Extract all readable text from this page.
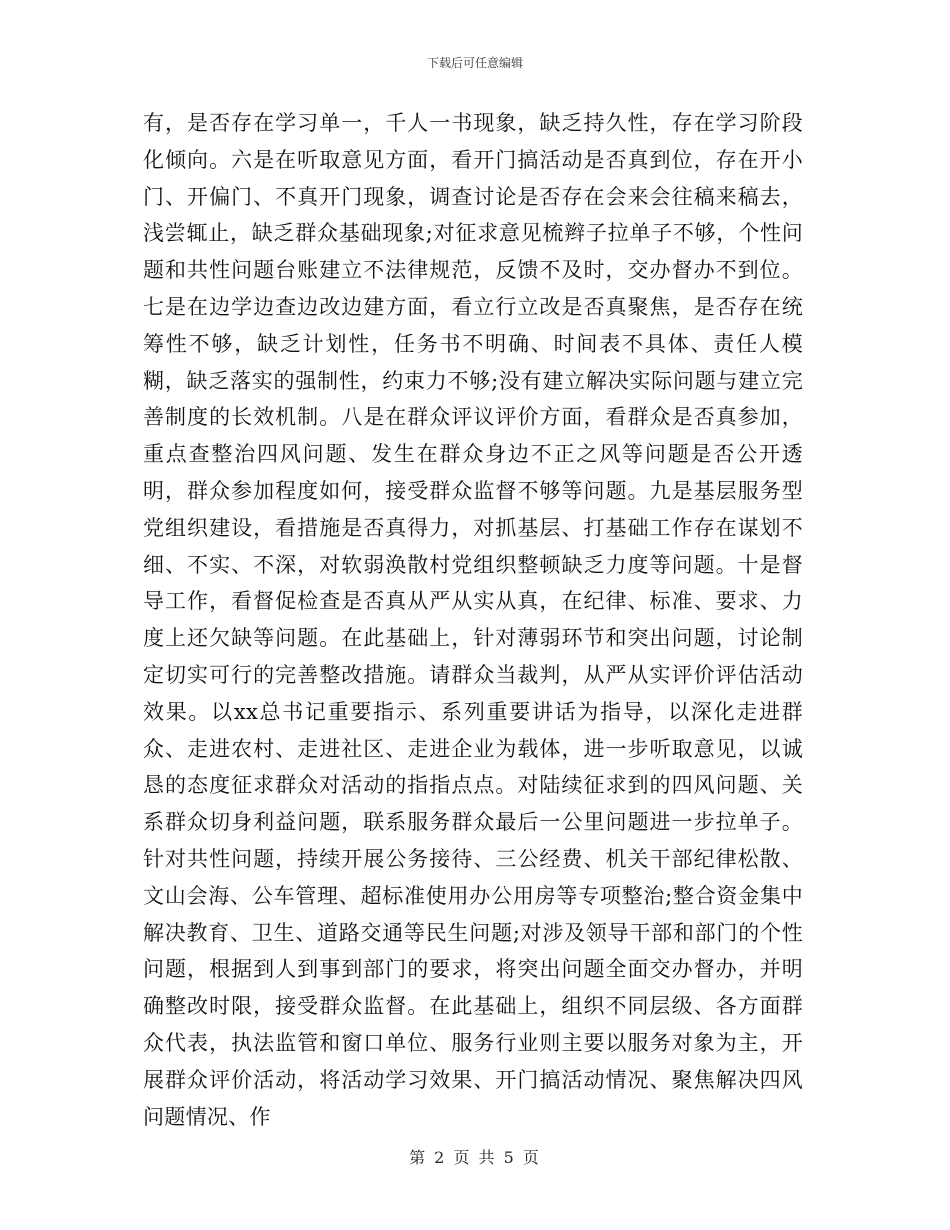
下载后可任意编辑

有，是否存在学习单一，千人一书现象，缺乏持久性，存在学习阶段化倾向。六是在听取意见方面，看开门搞活动是否真到位，存在开小门、开偏门、不真开门现象，调查讨论是否存在会来会往稿来稿去，浅尝辄止，缺乏群众基础现象;对征求意见梳辫子拉单子不够，个性问题和共性问题台账建立不法律规范，反馈不及时，交办督办不到位。七是在边学边查边改边建方面，看立行立改是否真聚焦，是否存在统筹性不够，缺乏计划性，任务书不明确、时间表不具体、责任人模糊，缺乏落实的强制性，约束力不够;没有建立解决实际问题与建立完善制度的长效机制。八是在群众评议评价方面，看群众是否真参加，重点查整治四风问题、发生在群众身边不正之风等问题是否公开透明，群众参加程度如何，接受群众监督不够等问题。九是基层服务型党组织建设，看措施是否真得力，对抓基层、打基础工作存在谋划不细、不实、不深，对软弱涣散村党组织整顿缺乏力度等问题。十是督导工作，看督促检查是否真从严从实从真，在纪律、标准、要求、力度上还欠缺等问题。在此基础上，针对薄弱环节和突出问题，讨论制定切实可行的完善整改措施。请群众当裁判，从严从实评价评估活动效果。以xx总书记重要指示、系列重要讲话为指导，以深化走进群众、走进农村、走进社区、走进企业为载体，进一步听取意见，以诚恳的态度征求群众对活动的指指点点。对陆续征求到的四风问题、关系群众切身利益问题，联系服务群众最后一公里问题进一步拉单子。针对共性问题，持续开展公务接待、三公经费、机关干部纪律松散、文山会海、公车管理、超标准使用办公用房等专项整治;整合资金集中解决教育、卫生、道路交通等民生问题;对涉及领导干部和部门的个性问题，根据到人到事到部门的要求，将突出问题全面交办督办，并明确整改时限，接受群众监督。在此基础上，组织不同层级、各方面群众代表，执法监管和窗口单位、服务行业则主要以服务对象为主，开展群众评价活动，将活动学习效果、开门搞活动情况、聚焦解决四风问题情况、作

第 2 页 共 5 页
